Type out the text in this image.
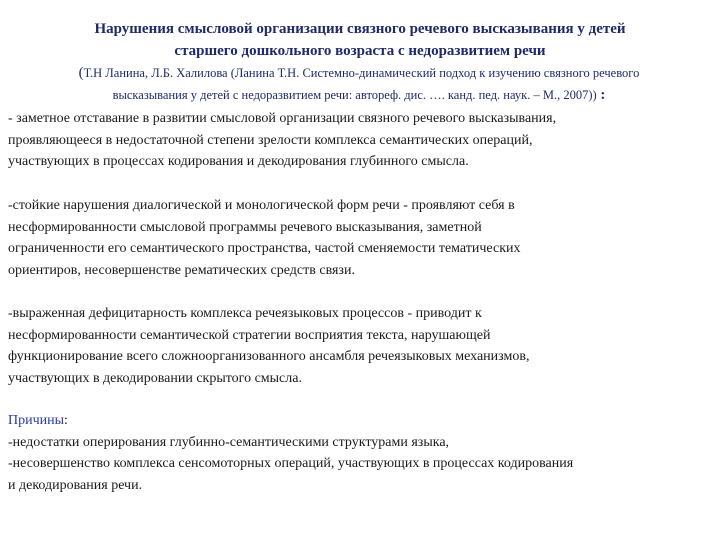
Нарушения смысловой организации связного речевого высказывания у детей
старшего дошкольного возраста с недоразвитием речи
(Т.Н Ланина, Л.Б. Халилова (Ланина Т.Н. Системно-динамический подход к изучению связного речевого
высказывания у детей с недоразвитием речи: автореф. дис. …. канд. пед. наук. – М., 2007)) :

- заметное отставание в развитии смысловой организации связного речевого высказывания,
проявляющееся в недостаточной степени зрелости комплекса семантических операций,
участвующих в процессах кодирования и декодирования глубинного смысла.

-стойкие нарушения диалогической и монологической форм речи - проявляют себя в
несформированности смысловой программы речевого высказывания, заметной
ограниченности его семантического пространства, частой сменяемости тематических
ориентиров, несовершенстве рематических средств связи.

-выраженная дефицитарность комплекса речеязыковых процессов - приводит к
несформированности семантической стратегии восприятия текста, нарушающей
функционирование всего сложноорганизованного ансамбля речеязыковых механизмов,
участвующих в декодировании скрытого смысла.

Причины:
-недостатки оперирования глубинно-семантическими структурами языка,
-несовершенство комплекса сенсомоторных операций, участвующих в процессах кодирования
и декодирования речи.
